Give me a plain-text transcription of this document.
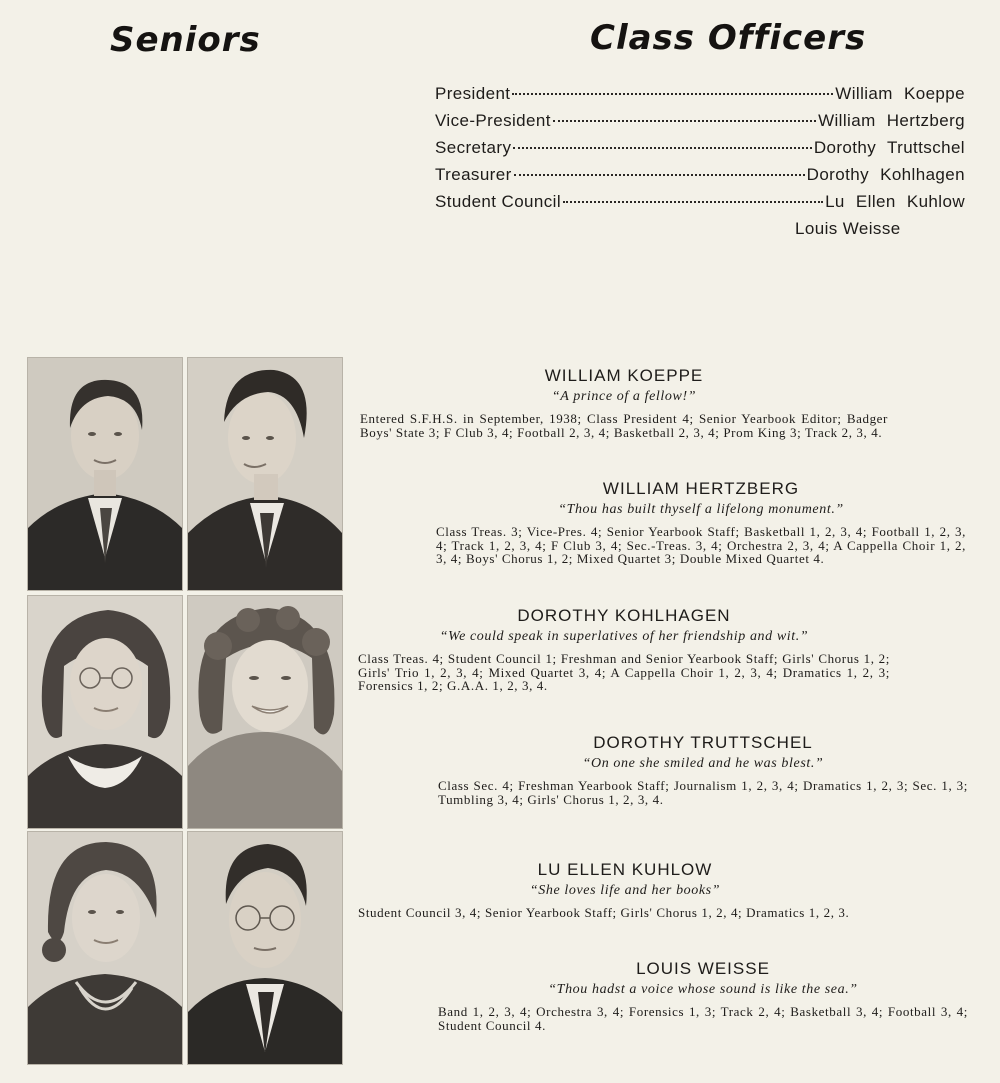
Seniors	Class Officers
President	William Koeppe
Vice-President	William Hertzberg
Secretary	Dorothy Truttschel
Treasurer	Dorothy Kohlhagen
Student Council	Lu Ellen Kuhlow
Louis Weisse
WILLIAM KOEPPE
“A prince of a fellow!”
Entered S.F.H.S. in September, 1938; Class President 4; Senior Yearbook Editor; Badger Boys' State 3; F Club 3, 4; Football 2, 3, 4; Basketball 2, 3, 4; Prom King 3; Track 2, 3, 4.
WILLIAM HERTZBERG
“Thou has built thyself a lifelong monument.”
Class Treas. 3; Vice-Pres. 4; Senior Yearbook Staff; Basketball 1, 2, 3, 4; Football 1, 2, 3, 4; Track 1, 2, 3, 4; F Club 3, 4; Sec.-Treas. 3, 4; Orchestra 2, 3, 4; A Cappella Choir 1, 2, 3, 4; Boys' Chorus 1, 2; Mixed Quartet 3; Double Mixed Quartet 4.
DOROTHY KOHLHAGEN
“We could speak in superlatives of her friendship and wit.”
Class Treas. 4; Student Council 1; Freshman and Senior Yearbook Staff; Girls' Chorus 1, 2; Girls' Trio 1, 2, 3, 4; Mixed Quartet 3, 4; A Cappella Choir 1, 2, 3, 4; Dramatics 1, 2, 3; Forensics 1, 2; G.A.A. 1, 2, 3, 4.
DOROTHY TRUTTSCHEL
“On one she smiled and he was blest.”
Class Sec. 4; Freshman Yearbook Staff; Journalism 1, 2, 3, 4; Dramatics 1, 2, 3; Sec. 1, 3; Tumbling 3, 4; Girls' Chorus 1, 2, 3, 4.
LU ELLEN KUHLOW
“She loves life and her books”
Student Council 3, 4; Senior Yearbook Staff; Girls' Chorus 1, 2, 4; Dramatics 1, 2, 3.
LOUIS WEISSE
“Thou hadst a voice whose sound is like the sea.”
Band 1, 2, 3, 4; Orchestra 3, 4; Forensics 1, 3; Track 2, 4; Basketball 3, 4; Football 3, 4; Student Council 4.
